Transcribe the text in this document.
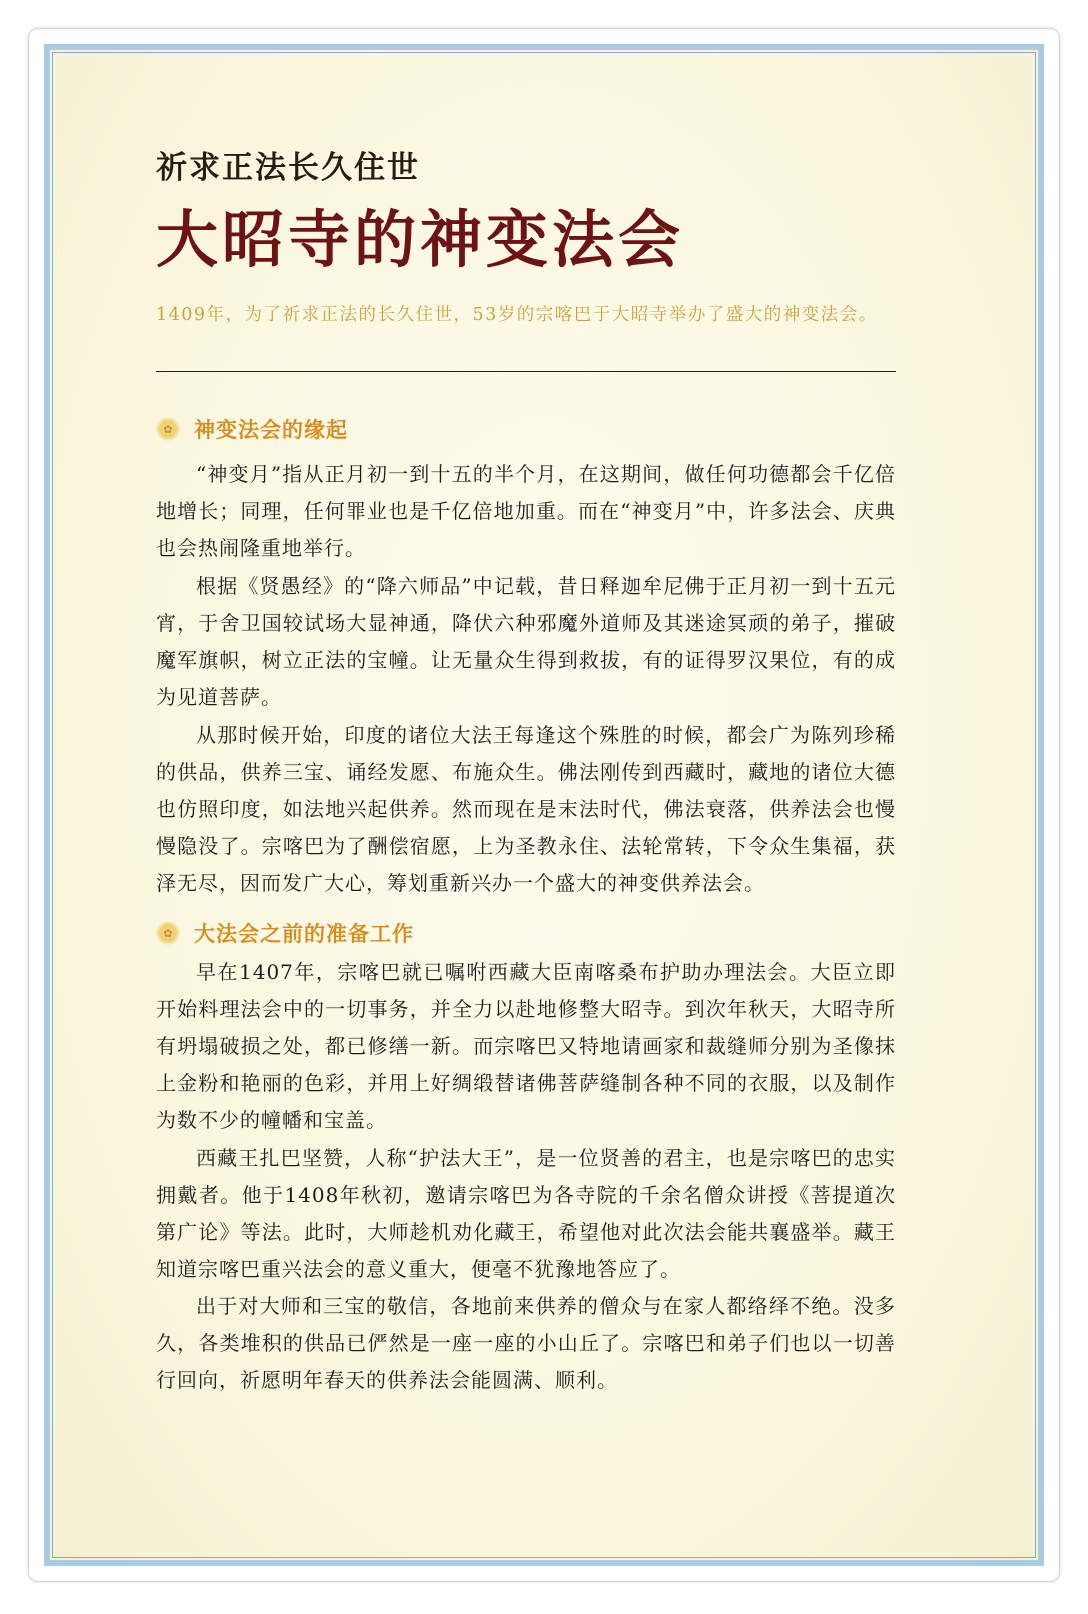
祈求正法长久住世
大昭寺的神变法会
1409年，为了祈求正法的长久住世，53岁的宗喀巴于大昭寺举办了盛大的神变法会。
✿ 神变法会的缘起

“神变月”指从正月初一到十五的半个月，在这期间，做任何功德都会千亿倍地增长；同理，任何罪业也是千亿倍地加重。而在“神变月”中，许多法会、庆典也会热闹隆重地举行。

根据《贤愚经》的“降六师品”中记载，昔日释迦牟尼佛于正月初一到十五元宵，于舍卫国较试场大显神通，降伏六种邪魔外道师及其迷途冥顽的弟子，摧破魔军旗帜，树立正法的宝幢。让无量众生得到救拔，有的证得罗汉果位，有的成为见道菩萨。

从那时候开始，印度的诸位大法王每逢这个殊胜的时候，都会广为陈列珍稀的供品，供养三宝、诵经发愿、布施众生。佛法刚传到西藏时，藏地的诸位大德也仿照印度，如法地兴起供养。然而现在是末法时代，佛法衰落，供养法会也慢慢隐没了。宗喀巴为了酬偿宿愿，上为圣教永住、法轮常转，下令众生集福，获泽无尽，因而发广大心，筹划重新兴办一个盛大的神变供养法会。

✿ 大法会之前的准备工作

早在1407年，宗喀巴就已嘱咐西藏大臣南喀桑布护助办理法会。大臣立即开始料理法会中的一切事务，并全力以赴地修整大昭寺。到次年秋天，大昭寺所有坍塌破损之处，都已修缮一新。而宗喀巴又特地请画家和裁缝师分别为圣像抹上金粉和艳丽的色彩，并用上好绸缎替诸佛菩萨缝制各种不同的衣服，以及制作为数不少的幢幡和宝盖。

西藏王扎巴坚赞，人称“护法大王”，是一位贤善的君主，也是宗喀巴的忠实拥戴者。他于1408年秋初，邀请宗喀巴为各寺院的千余名僧众讲授《菩提道次第广论》等法。此时，大师趁机劝化藏王，希望他对此次法会能共襄盛举。藏王知道宗喀巴重兴法会的意义重大，便毫不犹豫地答应了。

出于对大师和三宝的敬信，各地前来供养的僧众与在家人都络绎不绝。没多久，各类堆积的供品已俨然是一座一座的小山丘了。宗喀巴和弟子们也以一切善行回向，祈愿明年春天的供养法会能圆满、顺利。
